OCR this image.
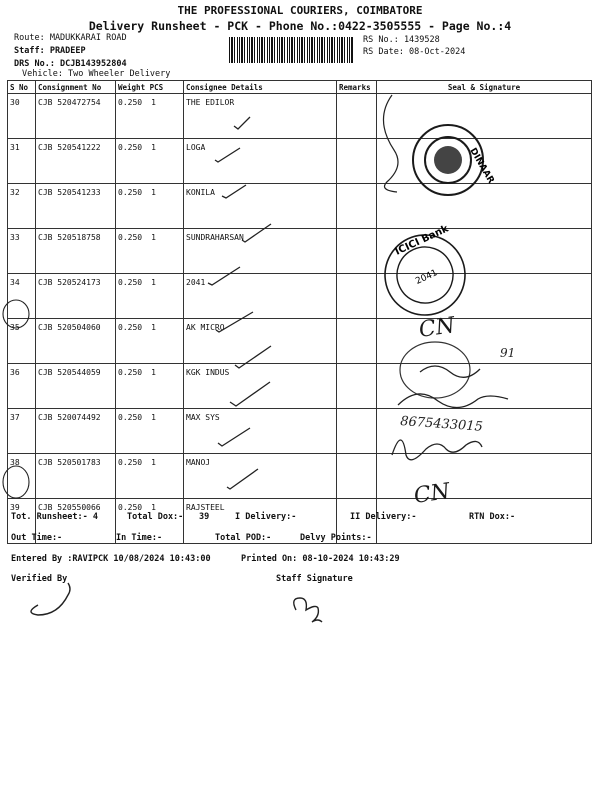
THE PROFESSIONAL COURIERS, COIMBATORE
Delivery Runsheet - PCK - Phone No.:0422-3505555 - Page No.:4
Route: MADUKKARAI ROAD
Staff: PRADEEP
DRS No.: DCJB143952804
Vehicle: Two Wheeler Delivery
RS No.: 1439528
RS Date: 08-Oct-2024
S No	Consignment No	Weight PCS	Consignee Details	Remarks	Seal & Signature
30	CJB 520472754	0.250 1	THE EDILOR		
31	CJB 520541222	0.250 1	LOGA		
32	CJB 520541233	0.250 1	KONILA		
33	CJB 520518758	0.250 1	SUNDRAHARSAN		
34	CJB 520524173	0.250 1	2041		
35	CJB 520504060	0.250 1	AK MICRO		
36	CJB 520544059	0.250 1	KGK INDUS		
37	CJB 520074492	0.250 1	MAX SYS		
38	CJB 520501783	0.250 1	MANOJ		
39	CJB 520550066	0.250 1	RAJSTEEL		
Tot. Runsheet:- 4	Total Dox:- 39	I Delivery:-	II Delivery:-	RTN Dox:-
Out Time:-	In Time:-	Total POD:-	Delvy Points:-
Entered By :RAVIPCK 10/08/2024 10:43:00	Printed On: 08-10-2024 10:43:29
Verified By	Staff Signature
DINAAR
ICICI Bank
2041
CN
91
8675433015
CN
